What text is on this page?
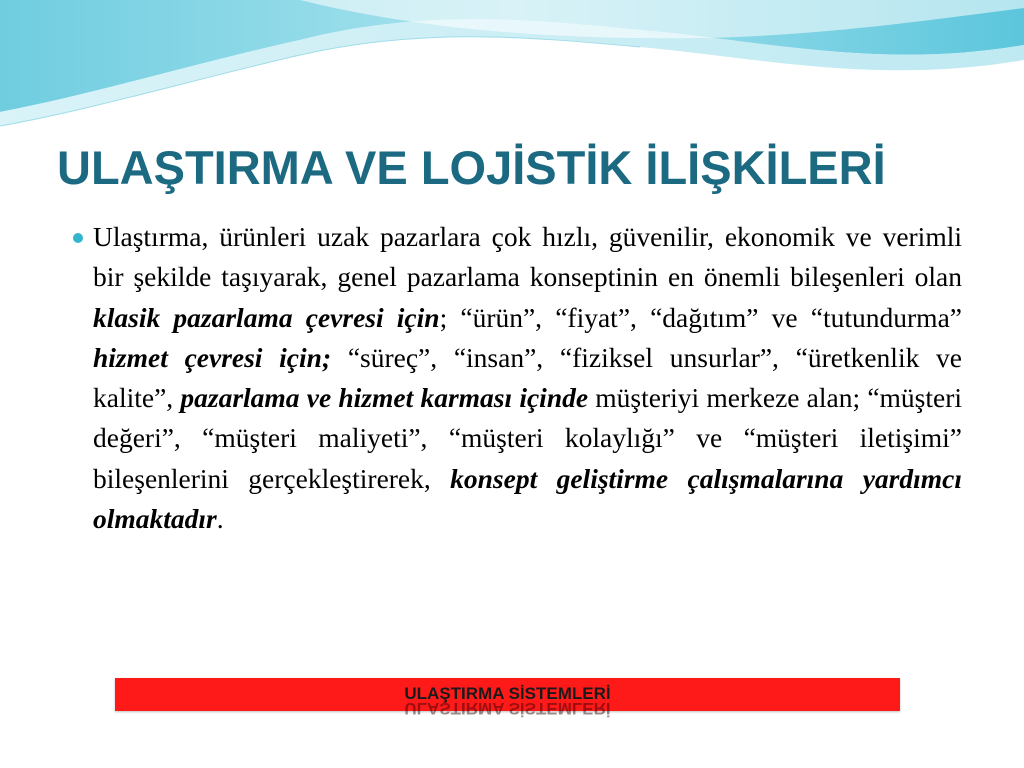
ULAŞTIRMA VE LOJİSTİK İLİŞKİLERİ

Ulaştırma, ürünleri uzak pazarlara çok hızlı, güvenilir, ekonomik ve verimli bir şekilde taşıyarak, genel pazarlama konseptinin en önemli bileşenleri olan klasik pazarlama çevresi için; “ürün”, “fiyat”, “dağıtım” ve “tutundurma” hizmet çevresi için; “süreç”, “insan”, “fiziksel unsurlar”, “üretkenlik ve kalite”, pazarlama ve hizmet karması içinde müşteriyi merkeze alan; “müşteri değeri”, “müşteri maliyeti”, “müşteri kolaylığı” ve “müşteri iletişimi” bileşenlerini gerçekleştirerek, konsept geliştirme çalışmalarına yardımcı olmaktadır.

ULAŞTIRMA SİSTEMLERİ
ULAŞTIRMA SİSTEMLERİ
